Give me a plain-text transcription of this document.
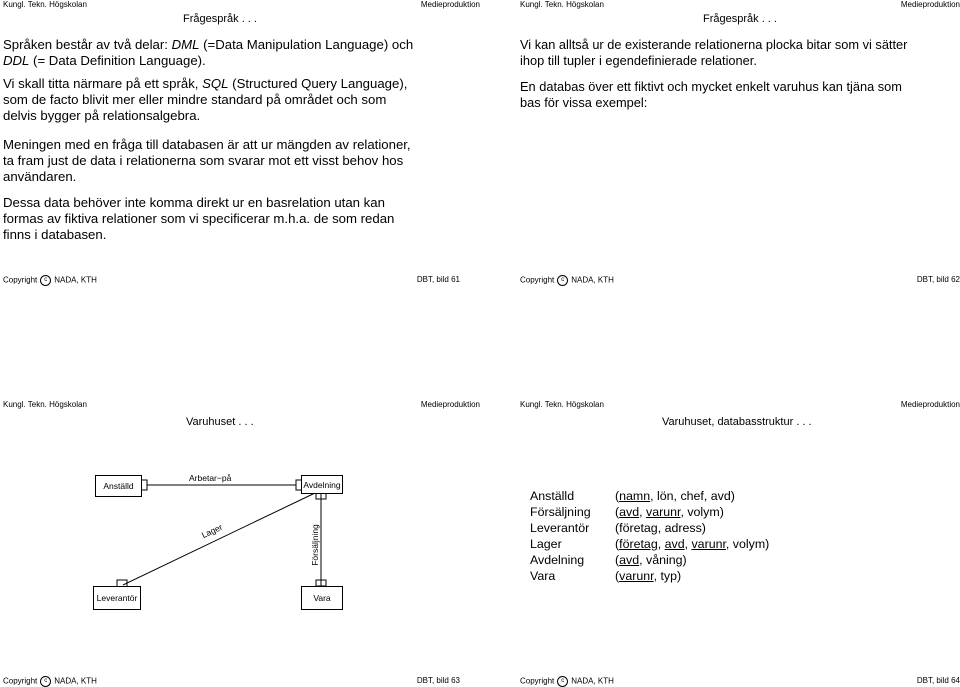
Kungl. Tekn. Högskolan	Medieproduktion
Frågespråk . . .

Språken består av två delar: DML (=Data Manipulation Language) och
DDL (= Data Definition Language).

Vi skall titta närmare på ett språk, SQL (Structured Query Language),
som de facto blivit mer eller mindre standard på området och som
delvis bygger på relationsalgebra.

Meningen med en fråga till databasen är att ur mängden av relationer,
ta fram just de data i relationerna som svarar mot ett visst behov hos
användaren.

Dessa data behöver inte komma direkt ur en basrelation utan kan
formas av fiktiva relationer som vi specificerar m.h.a. de som redan
finns i databasen.

Copyright c NADA, KTH	DBT, bild 61
Kungl. Tekn. Högskolan	Medieproduktion
Frågespråk . . .

Vi kan alltså ur de existerande relationerna plocka bitar som vi sätter
ihop till tupler i egendefinierade relationer.

En databas över ett fiktivt och mycket enkelt varuhus kan tjäna som
bas för vissa exempel:

Copyright c NADA, KTH	DBT, bild 62
Kungl. Tekn. Högskolan	Medieproduktion
Varuhuset . . .
Anställd	Avdelning
Leverantör	Vara
Arbetar−på
Lager	Försäljning
Copyright c NADA, KTH	DBT, bild 63
Kungl. Tekn. Högskolan	Medieproduktion
Varuhuset, databasstruktur . . .
Anställd	(namn, lön, chef, avd)
Försäljning (avd, varunr, volym)
Leverantör (företag, adress)
Lager	(företag, avd, varunr, volym)
Avdelning (avd, våning)
Vara	(varunr, typ)
Copyright c NADA, KTH	DBT, bild 64
